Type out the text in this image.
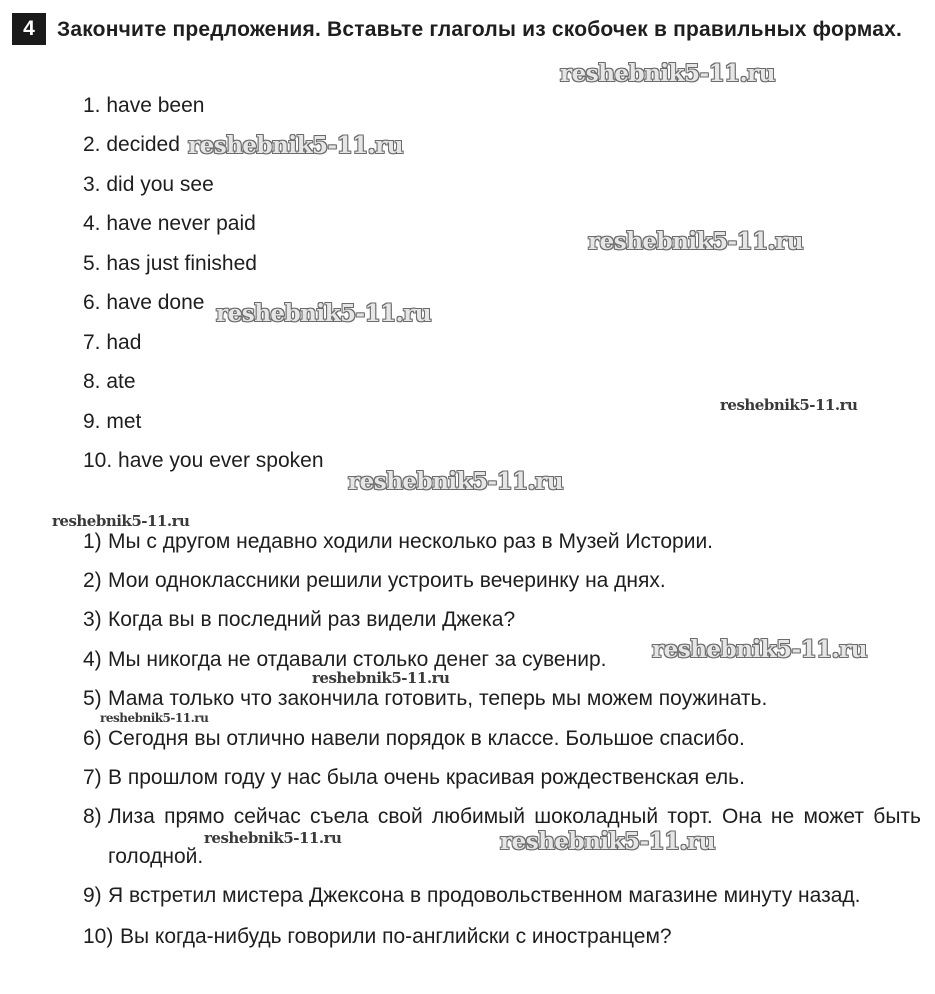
4	Закончите предложения. Вставьте глаголы из скобочек в правильных формах.
1. have been
2. decided
3. did you see
4. have never paid
5. has just finished
6. have done
7. had
8. ate
9. met
10. have you ever spoken
1) Мы с другом недавно ходили несколько раз в Музей Истории.
2) Мои одноклассники решили устроить вечеринку на днях.
3) Когда вы в последний раз видели Джека?
4) Мы никогда не отдавали столько денег за сувенир.
5) Мама только что закончила готовить, теперь мы можем поужинать.
6) Сегодня вы отлично навели порядок в классе. Большое спасибо.
7) В прошлом году у нас была очень красивая рождественская ель.
8) Лиза прямо сейчас съела свой любимый шоколадный торт. Она не может быть голодной.
9) Я встретил мистера Джексона в продовольственном магазине минуту назад.
10) Вы когда-нибудь говорили по-английски с иностранцем?
reshebnik5-11.ru
reshebnik5-11.ru
reshebnik5-11.ru
reshebnik5-11.ru
reshebnik5-11.ru
reshebnik5-11.ru
reshebnik5-11.ru
reshebnik5-11.ru
reshebnik5-11.ru
reshebnik5-11.ru
reshebnik5-11.ru	reshebnik5-11.ru
